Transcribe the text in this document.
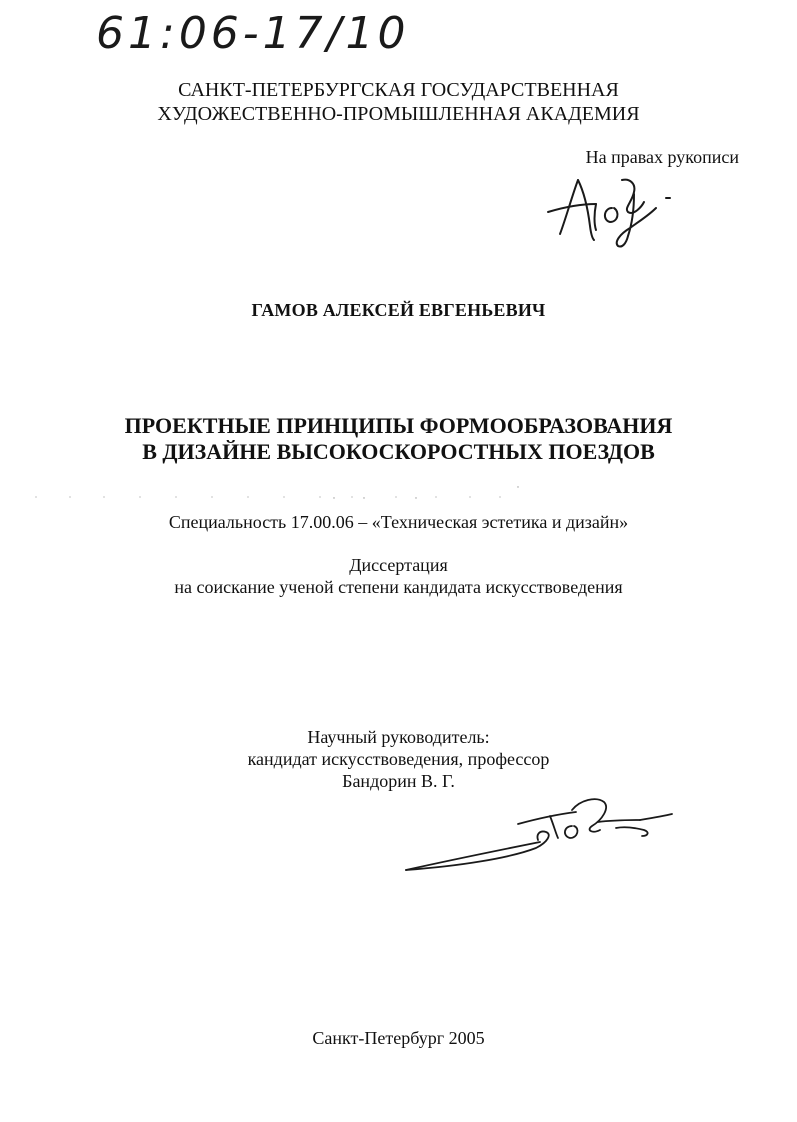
61:06-17/10
САНКТ-ПЕТЕРБУРГСКАЯ ГОСУДАРСТВЕННАЯ
ХУДОЖЕСТВЕННО-ПРОМЫШЛЕННАЯ АКАДЕМИЯ
На правах рукописи
ГАМОВ АЛЕКСЕЙ ЕВГЕНЬЕВИЧ
ПРОЕКТНЫЕ ПРИНЦИПЫ ФОРМООБРАЗОВАНИЯ
В ДИЗАЙНЕ ВЫСОКОСКОРОСТНЫХ ПОЕЗДОВ
Специальность 17.00.06 – «Техническая эстетика и дизайн»
Диссертация
на соискание ученой степени кандидата искусствоведения
Научный руководитель:
кандидат искусствоведения, профессор
Бандорин В. Г.
Санкт-Петербург 2005
